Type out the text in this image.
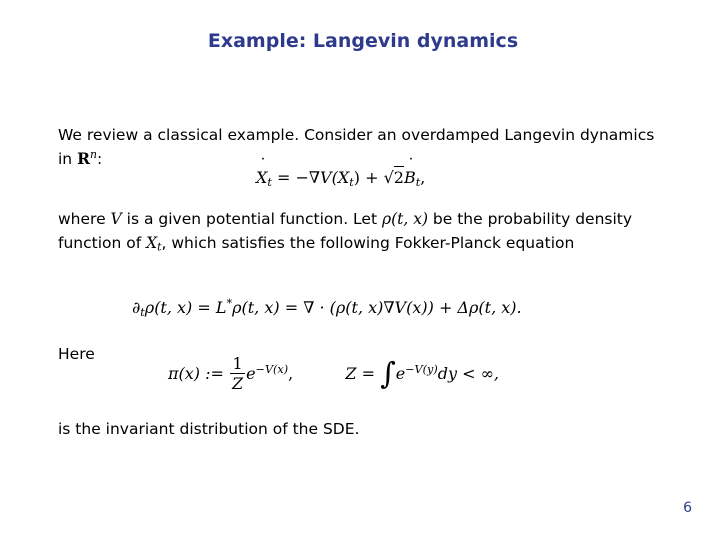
Example: Langevin dynamics
We review a classical example. Consider an overdamped Langevin dynamics in $R^n$:
X $˙_t = -\nabla V(X_t) + √2B$ $˙_t$,
where V is a given potential function. Let ρ(t, x) be the probability density function of $X_t$, which satisfies the following Fokker-Planck equation
$\partial_t\rho(t$, x) = L*ρ(t, x) = ∇ · (ρ(t, x)∇V(x)) + Δρ(t, x).
Here
π(x) := $\frac{1}{Z} e^{-V(x)}$,	$Z = \int e^{-V(y)}dy$ < ∞,
is the invariant distribution of the SDE.
6
